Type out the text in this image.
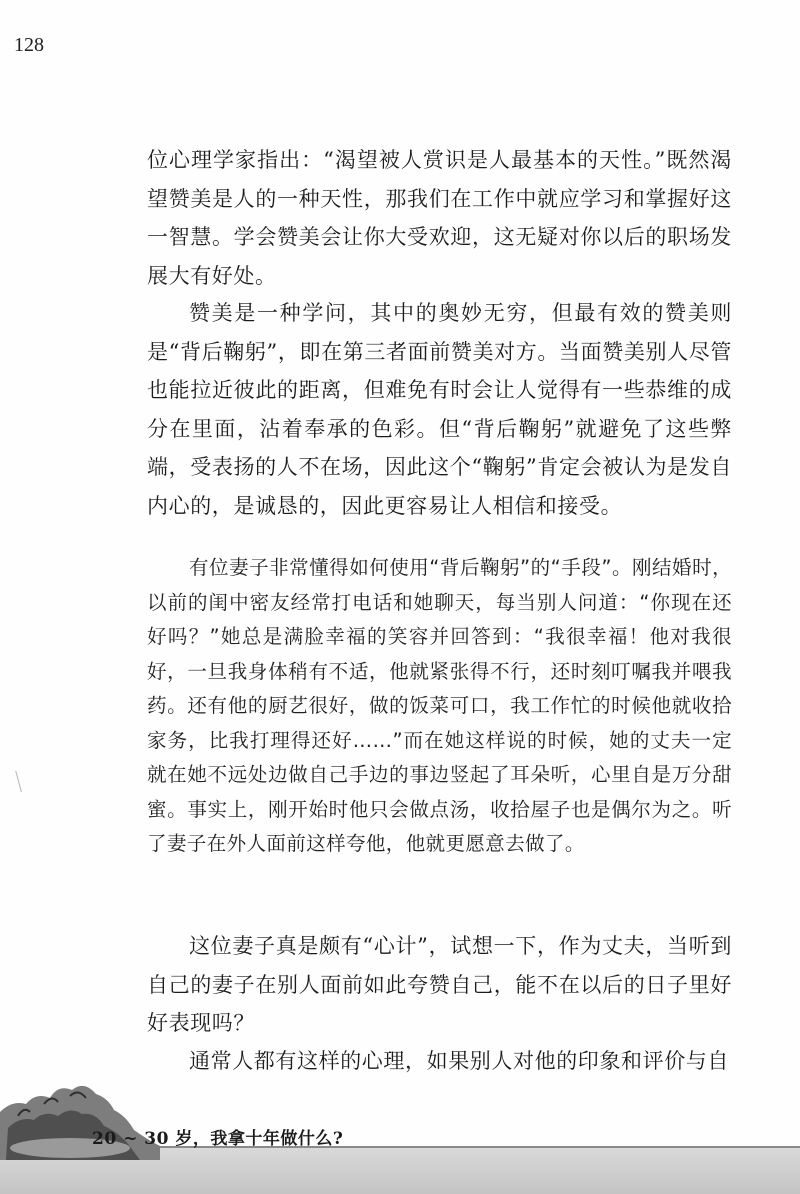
128

位心理学家指出：“渴望被人赏识是人最基本的天性。”既然渴望赞美是人的一种天性，那我们在工作中就应学习和掌握好这一智慧。学会赞美会让你大受欢迎，这无疑对你以后的职场发展大有好处。

赞美是一种学问，其中的奥妙无穷，但最有效的赞美则是“背后鞠躬”，即在第三者面前赞美对方。当面赞美别人尽管也能拉近彼此的距离，但难免有时会让人觉得有一些恭维的成分在里面，沾着奉承的色彩。但“背后鞠躬”就避免了这些弊端，受表扬的人不在场，因此这个“鞠躬”肯定会被认为是发自内心的，是诚恳的，因此更容易让人相信和接受。

有位妻子非常懂得如何使用“背后鞠躬”的“手段”。刚结婚时，以前的闺中密友经常打电话和她聊天，每当别人问道：“你现在还好吗？”她总是满脸幸福的笑容并回答到：“我很幸福！他对我很好，一旦我身体稍有不适，他就紧张得不行，还时刻叮嘱我并喂我药。还有他的厨艺很好，做的饭菜可口，我工作忙的时候他就收拾家务，比我打理得还好……”而在她这样说的时候，她的丈夫一定就在她不远处边做自己手边的事边竖起了耳朵听，心里自是万分甜蜜。事实上，刚开始时他只会做点汤，收拾屋子也是偶尔为之。听了妻子在外人面前这样夸他，他就更愿意去做了。

这位妻子真是颇有“心计”，试想一下，作为丈夫，当听到自己的妻子在别人面前如此夸赞自己，能不在以后的日子里好好表现吗？

通常人都有这样的心理，如果别人对他的印象和评价与自

20 ~ 30 岁，我拿十年做什么?
